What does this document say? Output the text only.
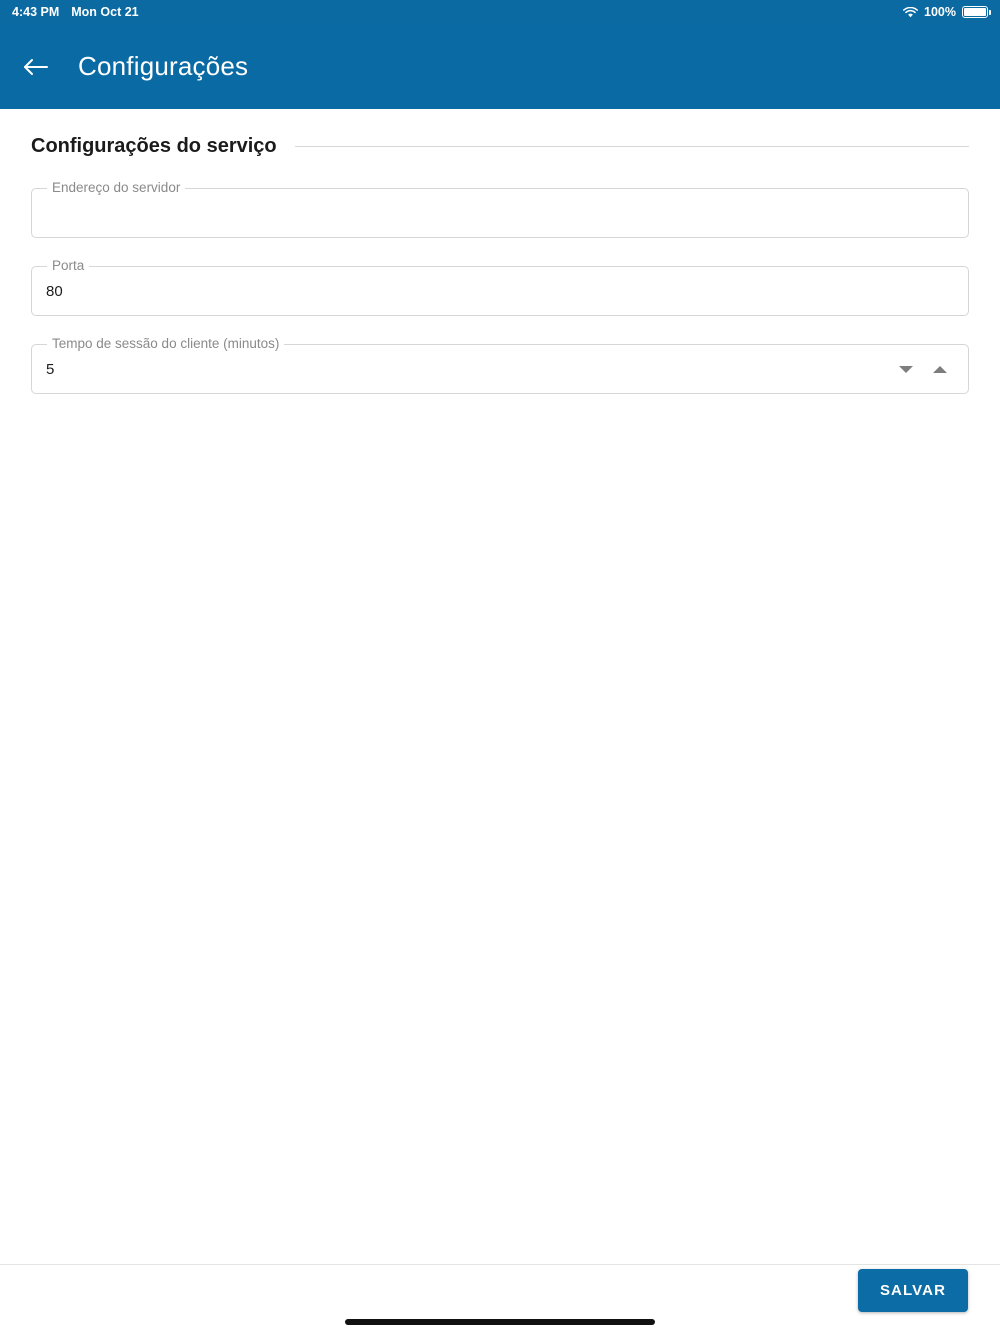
4:43 PM Mon Oct 21	100%
Configurações
Configurações do serviço
Endereço do servidor
Porta
80
Tempo de sessão do cliente (minutos)
5
SALVAR
